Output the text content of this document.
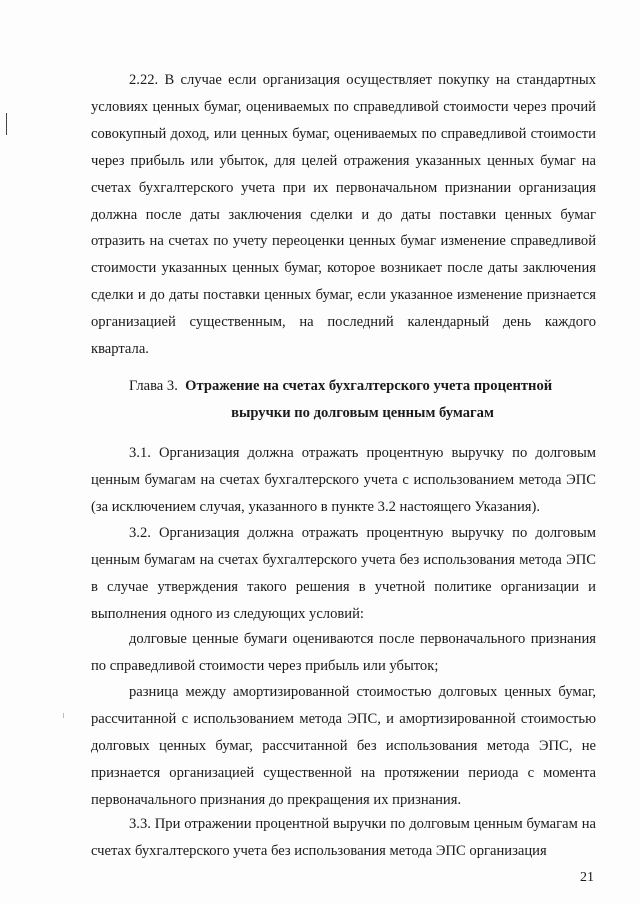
2.22. В случае если организация осуществляет покупку на стандартных условиях ценных бумаг, оцениваемых по справедливой стоимости через прочий совокупный доход, или ценных бумаг, оцениваемых по справедливой стоимости через прибыль или убыток, для целей отражения указанных ценных бумаг на счетах бухгалтерского учета при их первоначальном признании организация должна после даты заключения сделки и до даты поставки ценных бумаг отразить на счетах по учету переоценки ценных бумаг изменение справедливой стоимости указанных ценных бумаг, которое возникает после даты заключения сделки и до даты поставки ценных бумаг, если указанное изменение признается организацией существенным, на последний календарный день каждого квартала.

Глава 3. Отражение на счетах бухгалтерского учета процентной
выручки по долговым ценным бумагам

3.1. Организация должна отражать процентную выручку по долговым ценным бумагам на счетах бухгалтерского учета с использованием метода ЭПС (за исключением случая, указанного в пункте 3.2 настоящего Указания).

3.2. Организация должна отражать процентную выручку по долговым ценным бумагам на счетах бухгалтерского учета без использования метода ЭПС в случае утверждения такого решения в учетной политике организации и выполнения одного из следующих условий:

долговые ценные бумаги оцениваются после первоначального признания по справедливой стоимости через прибыль или убыток;

разница между амортизированной стоимостью долговых ценных бумаг, рассчитанной с использованием метода ЭПС, и амортизированной стоимостью долговых ценных бумаг, рассчитанной без использования метода ЭПС, не признается организацией существенной на протяжении периода с момента первоначального признания до прекращения их признания.

3.3. При отражении процентной выручки по долговым ценным бумагам на счетах бухгалтерского учета без использования метода ЭПС организация

21
